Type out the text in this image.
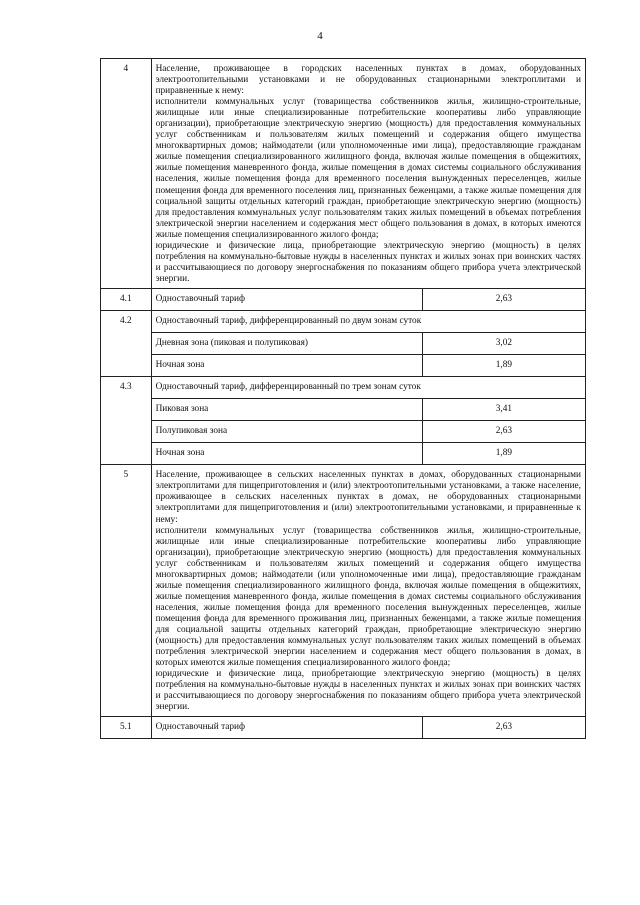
4
4	Население, проживающее в городских населенных пунктах в домах, оборудованных электроотопительными установками и не оборудованных стационарными электроплитами и приравненные к нему:

исполнители коммунальных услуг (товарищества собственников жилья, жилищно-строительные, жилищные или иные специализированные потребительские кооперативы либо управляющие организации), приобретающие электрическую энергию (мощность) для предоставления коммунальных услуг собственникам и пользователям жилых помещений и содержания общего имущества многоквартирных домов; наймодатели (или уполномоченные ими лица), предоставляющие гражданам жилые помещения специализированного жилищного фонда, включая жилые помещения в общежитиях, жилые помещения маневренного фонда, жилые помещения в домах системы социального обслуживания населения, жилые помещения фонда для временного поселения вынужденных переселенцев, жилые помещения фонда для временного поселения лиц, признанных беженцами, а также жилые помещения для социальной защиты отдельных категорий граждан, приобретающие электрическую энергию (мощность) для предоставления коммунальных услуг пользователям таких жилых помещений в объемах потребления электрической энергии населением и содержания мест общего пользования в домах, в которых имеются жилые помещения специализированного жилого фонда;

юридические и физические лица, приобретающие электрическую энергию (мощность) в целях потребления на коммунально-бытовые нужды в населенных пунктах и жилых зонах при воинских частях и рассчитывающиеся по договору энергоснабжения по показаниям общего прибора учета электрической энергии.	

4.1	Одноставочный тариф	2,63
4.2	Одноставочный тариф, дифференцированный по двум зонам суток	
	Дневная зона (пиковая и полупиковая)	3,02
	Ночная зона	1,89
4.3	Одноставочный тариф, дифференцированный по трем зонам суток	
	Пиковая зона	3,41
	Полупиковая зона	2,63
	Ночная зона	1,89
5	Население, проживающее в сельских населенных пунктах в домах, оборудованных стационарными электроплитами для пищеприготовления и (или) электроотопительными установками, а также население, проживающее в сельских населенных пунктах в домах, не оборудованных стационарными электроплитами для пищеприготовления и (или) электроотопительными установками, и приравненные к нему:

исполнители коммунальных услуг (товарищества собственников жилья, жилищно-строительные, жилищные или иные специализированные потребительские кооперативы либо управляющие организации), приобретающие электрическую энергию (мощность) для предоставления коммунальных услуг собственникам и пользователям жилых помещений и содержания общего имущества многоквартирных домов; наймодатели (или уполномоченные ими лица), предоставляющие гражданам жилые помещения специализированного жилищного фонда, включая жилые помещения в общежитиях, жилые помещения маневренного фонда, жилые помещения в домах системы социального обслуживания населения, жилые помещения фонда для временного поселения вынужденных переселенцев, жилые помещения фонда для временного проживания лиц, признанных беженцами, а также жилые помещения для социальной защиты отдельных категорий граждан, приобретающие электрическую энергию (мощность) для предоставления коммунальных услуг пользователям таких жилых помещений в объемах потребления электрической энергии населением и содержания мест общего пользования в домах, в которых имеются жилые помещения специализированного жилого фонда;

юридические и физические лица, приобретающие электрическую энергию (мощность) в целях потребления на коммунально-бытовые нужды в населенных пунктах и жилых зонах при воинских частях и рассчитывающиеся по договору энергоснабжения по показаниям общего прибора учета электрической энергии.	

5.1	Одноставочный тариф	2,63
